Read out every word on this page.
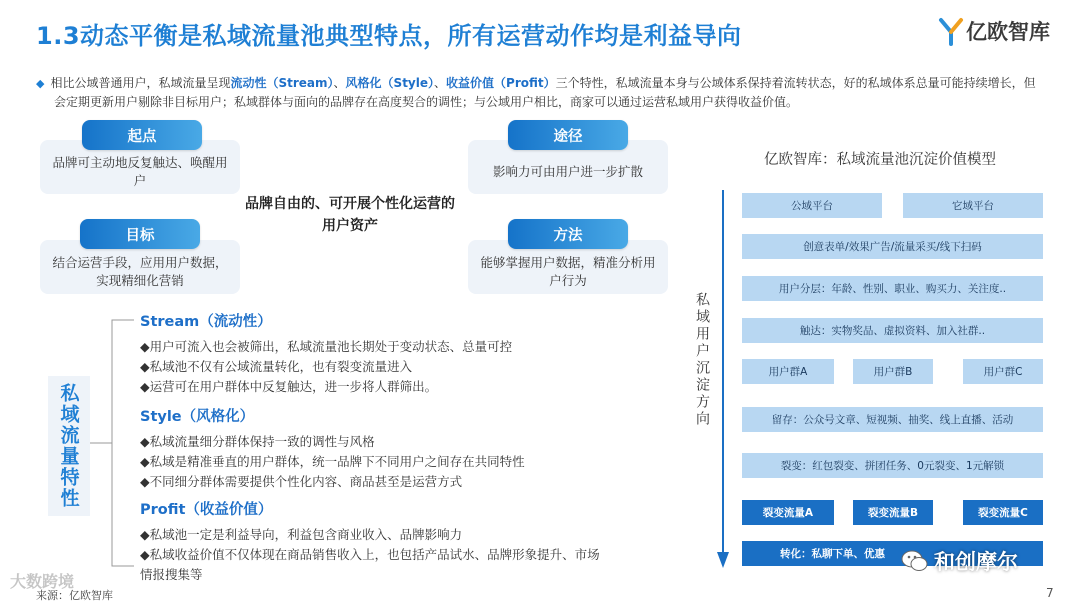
1.3动态平衡是私域流量池典型特点，所有运营动作均是利益导向	亿欧智库

◆ 相比公域普通用户，私域流量呈现流动性（Stream）、风格化（Style）、收益价值（Profit）三个特性，私域流量本身与公域体系保持着流转状态，好的私域体系总量可能持续增长，但会定期更新用户剔除非目标用户；私域群体与面向的品牌存在高度契合的调性；与公域用户相比，商家可以通过运营私域用户获得收益价值。

品牌可主动地反复触达、唤醒用户
起点
影响力可由用户进一步扩散
途径
结合运营手段，应用用户数据，实现精细化营销
目标
能够掌握用户数据，精准分析用户行为
方法
品牌自由的、可开展个性化运营的用户资产
私域流量特性
Stream（流动性）
◆用户可流入也会被筛出，私域流量池长期处于变动状态、总量可控
◆私域池不仅有公域流量转化，也有裂变流量进入
◆运营可在用户群体中反复触达，进一步将人群筛出。
Style（风格化）
◆私域流量细分群体保持一致的调性与风格
◆私域是精准垂直的用户群体，统一品牌下不同用户之间存在共同特性
◆不同细分群体需要提供个性化内容、商品甚至是运营方式
Profit（收益价值）
◆私域池一定是利益导向，利益包含商业收入、品牌影响力
◆私域收益价值不仅体现在商品销售收入上，也包括产品试水、品牌形象提升、市场
情报搜集等
亿欧智库：私域流量池沉淀价值模型
私域用户沉淀方向
公域平台	它域平台
创意表单/效果广告/流量采买/线下扫码
用户分层：年龄、性别、职业、购买力、关注度..
触达：实物奖品、虚拟资料、加入社群..
用户群A	用户群B	用户群C
留存：公众号文章、短视频、抽奖、线上直播、活动
裂变：红包裂变、拼团任务、0元裂变、1元解锁
裂变流量A	裂变流量B	裂变流量C
转化：私聊下单、优惠
来源：亿欧智库	7
大数跨境
和创摩尔
